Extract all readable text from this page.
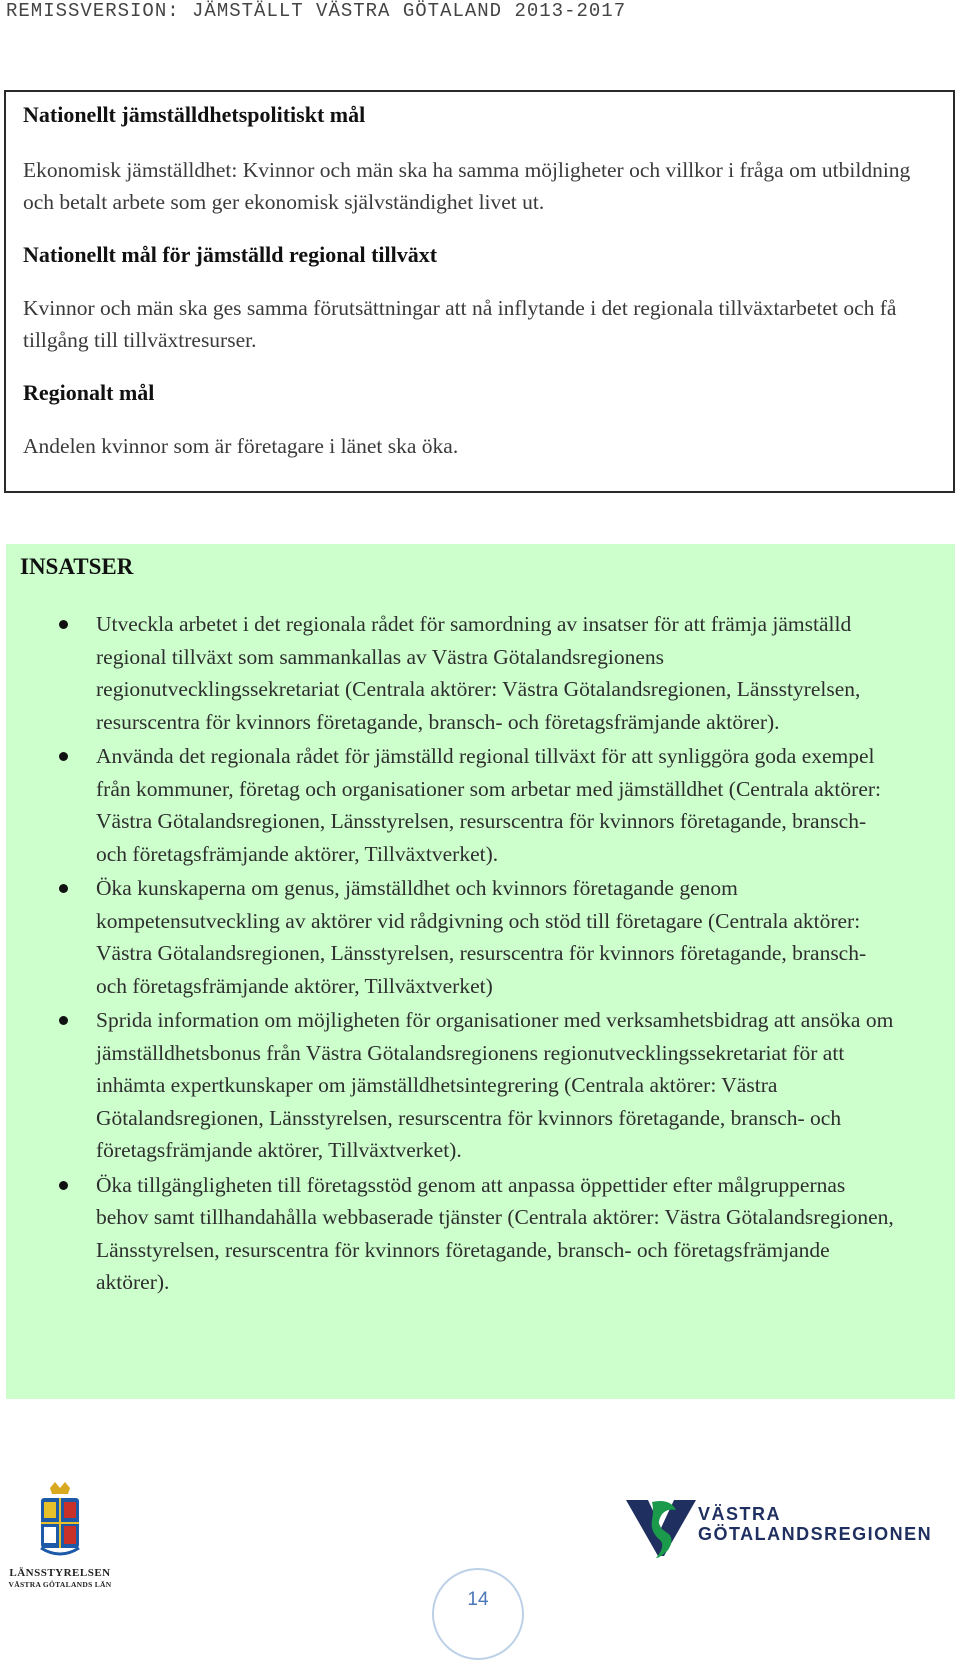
REMISSVERSION: JÄMSTÄLLT VÄSTRA GÖTALAND 2013-2017
Nationellt jämställdhetspolitiskt mål
Ekonomisk jämställdhet: Kvinnor och män ska ha samma möjligheter och villkor i fråga om utbildning och betalt arbete som ger ekonomisk självständighet livet ut.
Nationellt mål för jämställd regional tillväxt
Kvinnor och män ska ges samma förutsättningar att nå inflytande i det regionala tillväxtarbetet och få tillgång till tillväxtresurser.
Regionalt mål
Andelen kvinnor som är företagare i länet ska öka.
INSATSER
Utveckla arbetet i det regionala rådet för samordning av insatser för att främja jämställd regional tillväxt som sammankallas av Västra Götalandsregionens regionutvecklingssekretariat (Centrala aktörer: Västra Götalandsregionen, Länsstyrelsen, resurscentra för kvinnors företagande, bransch- och företagsfrämjande aktörer).
Använda det regionala rådet för jämställd regional tillväxt för att synliggöra goda exempel från kommuner, företag och organisationer som arbetar med jämställdhet (Centrala aktörer: Västra Götalandsregionen, Länsstyrelsen, resurscentra för kvinnors företagande, bransch- och företagsfrämjande aktörer, Tillväxtverket).
Öka kunskaperna om genus, jämställdhet och kvinnors företagande genom kompetensutveckling av aktörer vid rådgivning och stöd till företagare (Centrala aktörer: Västra Götalandsregionen, Länsstyrelsen, resurscentra för kvinnors företagande, bransch- och företagsfrämjande aktörer, Tillväxtverket)
Sprida information om möjligheten för organisationer med verksamhetsbidrag att ansöka om jämställdhetsbonus från Västra Götalandsregionens regionutvecklingssekretariat för att inhämta expertkunskaper om jämställdhetsintegrering (Centrala aktörer: Västra Götalandsregionen, Länsstyrelsen, resurscentra för kvinnors företagande, bransch- och företagsfrämjande aktörer, Tillväxtverket).
Öka tillgängligheten till företagsstöd genom att anpassa öppettider efter målgruppernas behov samt tillhandahålla webbaserade tjänster (Centrala aktörer: Västra Götalandsregionen, Länsstyrelsen, resurscentra för kvinnors företagande, bransch- och företagsfrämjande aktörer).
LÄNSSTYRELSEN
VÄSTRA GÖTALANDS LÄN
VÄSTRA
GÖTALANDSREGIONEN
14
